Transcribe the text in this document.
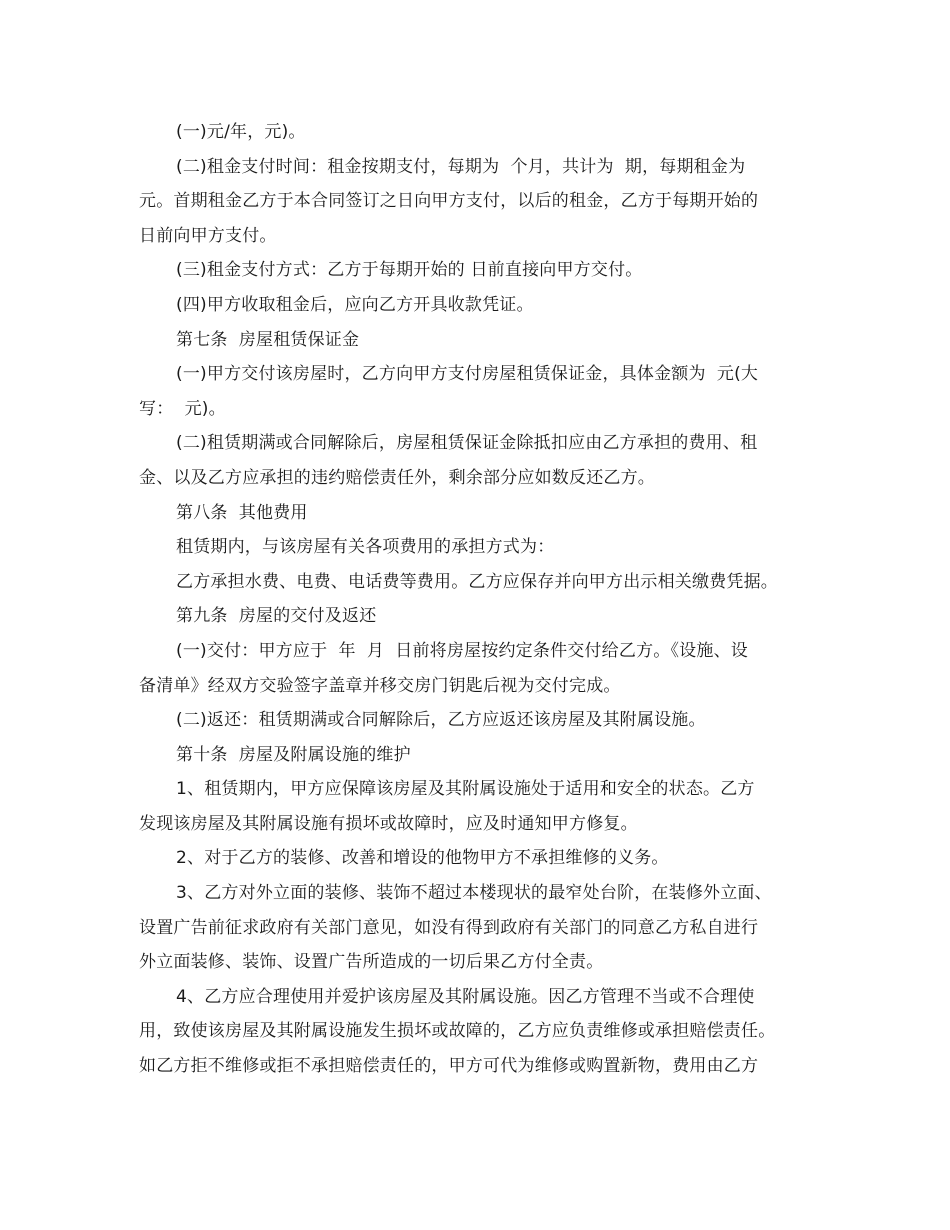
(一)元/年，元)。
(二)租金支付时间：租金按期支付，每期为  个月，共计为  期，每期租金为
元。首期租金乙方于本合同签订之日向甲方支付，以后的租金，乙方于每期开始的
日前向甲方支付。
(三)租金支付方式：乙方于每期开始的 日前直接向甲方交付。
(四)甲方收取租金后，应向乙方开具收款凭证。
第七条  房屋租赁保证金
(一)甲方交付该房屋时，乙方向甲方支付房屋租赁保证金，具体金额为  元(大
写：  元)。
(二)租赁期满或合同解除后，房屋租赁保证金除抵扣应由乙方承担的费用、租
金、以及乙方应承担的违约赔偿责任外，剩余部分应如数反还乙方。
第八条  其他费用
租赁期内，与该房屋有关各项费用的承担方式为：
乙方承担水费、电费、电话费等费用。乙方应保存并向甲方出示相关缴费凭据。
第九条  房屋的交付及返还
(一)交付：甲方应于  年  月  日前将房屋按约定条件交付给乙方。《设施、设
备清单》经双方交验签字盖章并移交房门钥匙后视为交付完成。
(二)返还：租赁期满或合同解除后，乙方应返还该房屋及其附属设施。
第十条  房屋及附属设施的维护
1、租赁期内，甲方应保障该房屋及其附属设施处于适用和安全的状态。乙方
发现该房屋及其附属设施有损坏或故障时，应及时通知甲方修复。
2、对于乙方的装修、改善和增设的他物甲方不承担维修的义务。
3、乙方对外立面的装修、装饰不超过本楼现状的最窄处台阶，在装修外立面、
设置广告前征求政府有关部门意见，如没有得到政府有关部门的同意乙方私自进行
外立面装修、装饰、设置广告所造成的一切后果乙方付全责。
4、乙方应合理使用并爱护该房屋及其附属设施。因乙方管理不当或不合理使
用，致使该房屋及其附属设施发生损坏或故障的，乙方应负责维修或承担赔偿责任。
如乙方拒不维修或拒不承担赔偿责任的，甲方可代为维修或购置新物，费用由乙方
